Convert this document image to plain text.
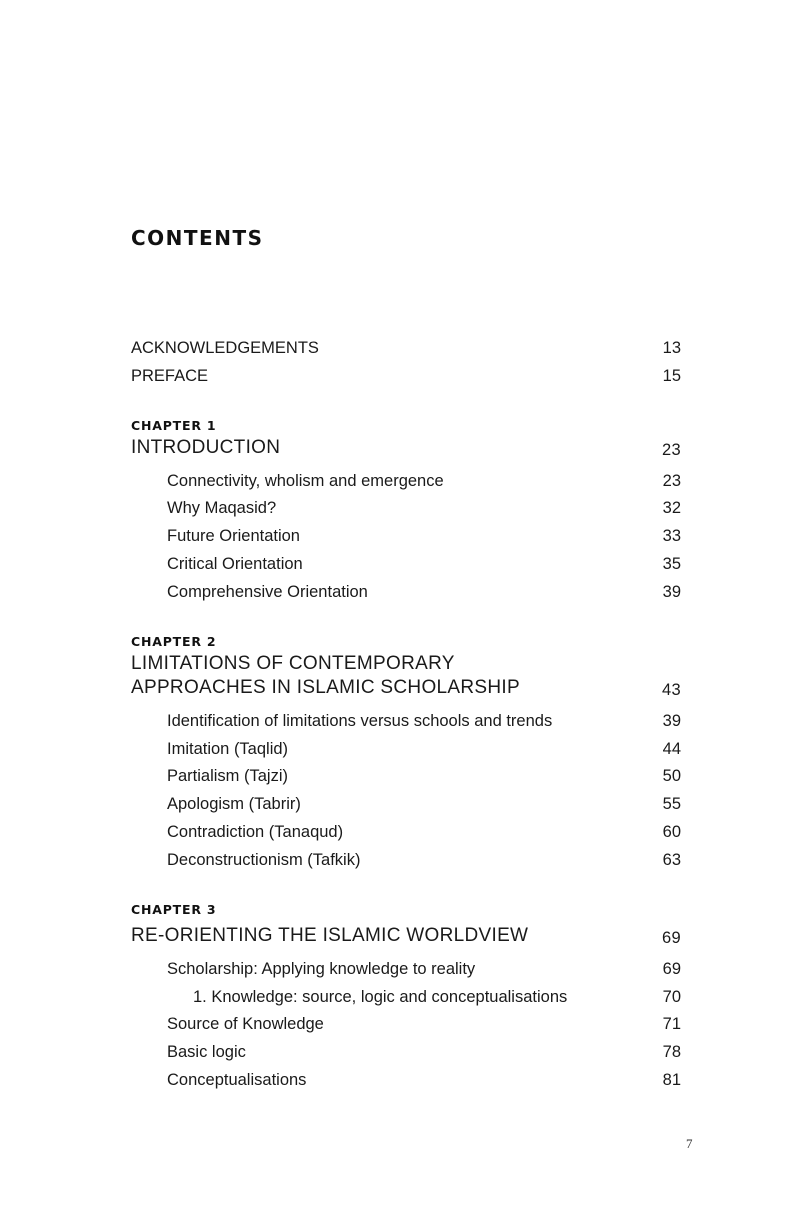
CONTENTS
ACKNOWLEDGEMENTS	13
PREFACE	15
CHAPTER 1
INTRODUCTION	23
Connectivity, wholism and emergence	23
Why Maqasid?	32
Future Orientation	33
Critical Orientation	35
Comprehensive Orientation	39
CHAPTER 2
LIMITATIONS OF CONTEMPORARY
APPROACHES IN ISLAMIC SCHOLARSHIP	43
Identification of limitations versus schools and trends	39
Imitation (Taqlid)	44
Partialism (Tajzi)	50
Apologism (Tabrir)	55
Contradiction (Tanaqud)	60
Deconstructionism (Tafkik)	63
CHAPTER 3
RE-ORIENTING THE ISLAMIC WORLDVIEW	69
Scholarship: Applying knowledge to reality	69
1. Knowledge: source, logic and conceptualisations	70
Source of Knowledge	71
Basic logic	78
Conceptualisations	81
7
